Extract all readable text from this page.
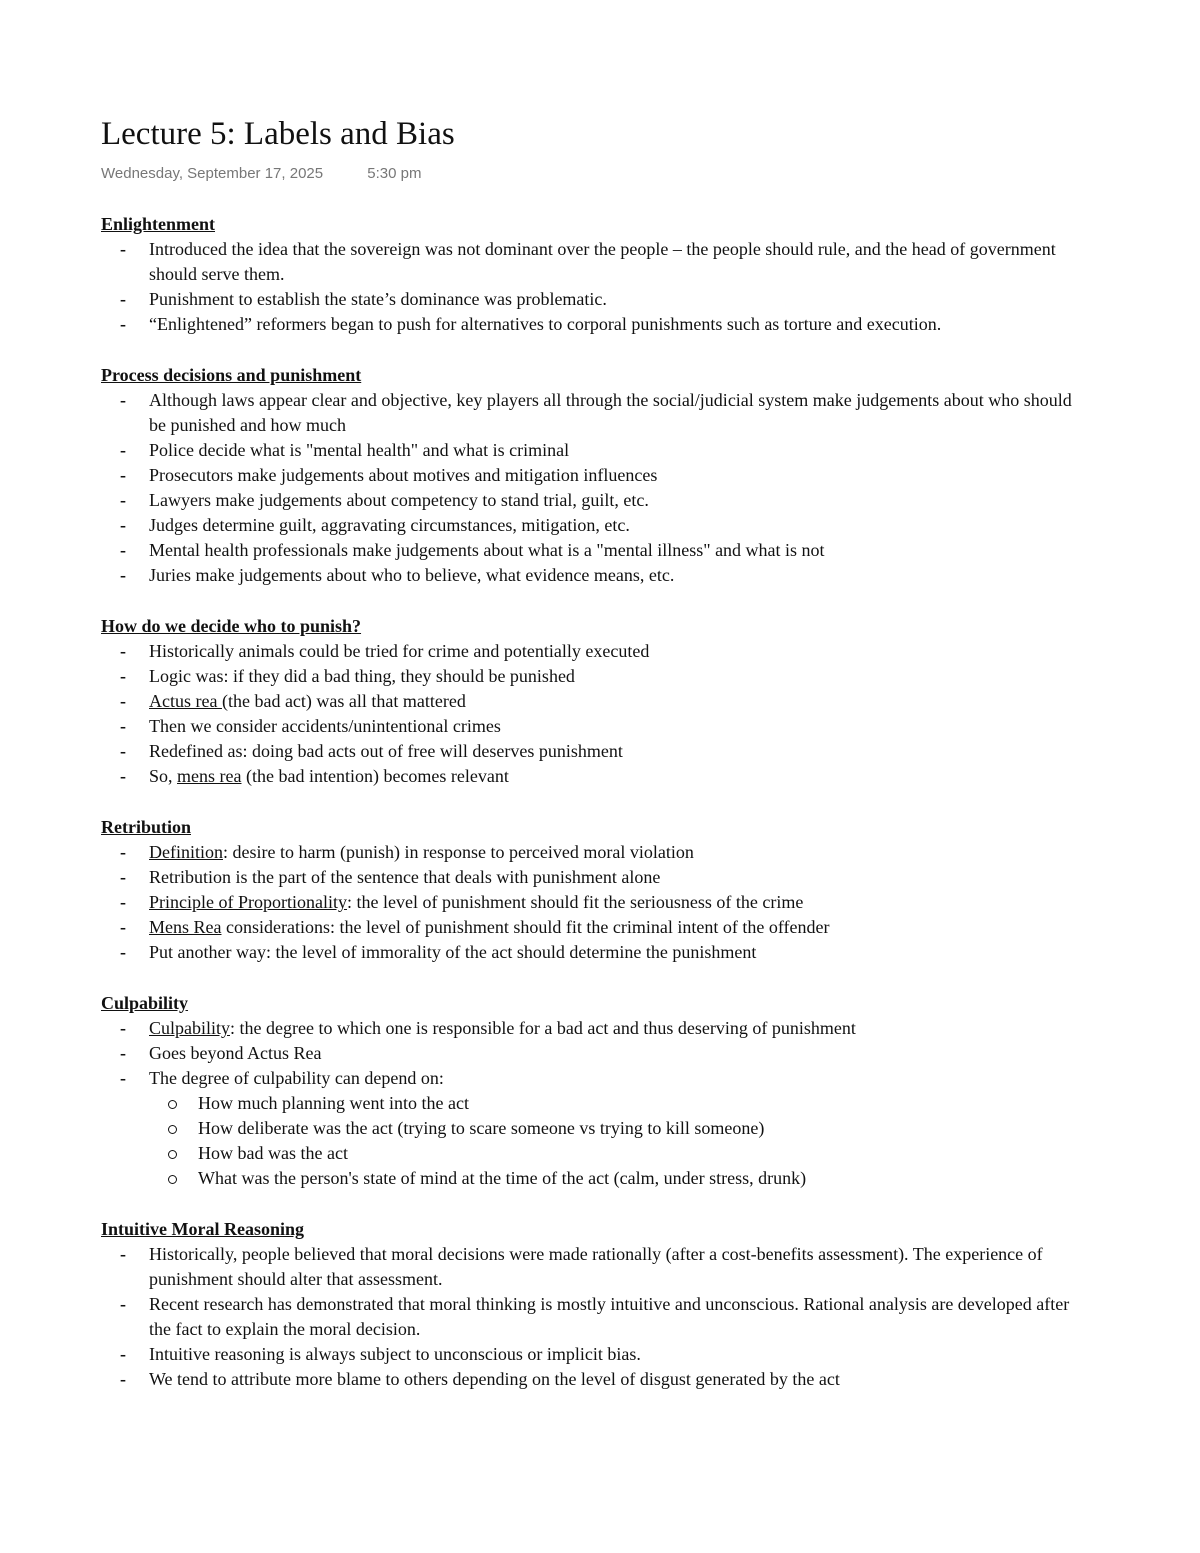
Lecture 5: Labels and Bias
Wednesday, September 17, 2025	5:30 pm
Enlightenment
- Introduced the idea that the sovereign was not dominant over the people – the people should rule, and the head of government should serve them.
- Punishment to establish the state’s dominance was problematic.
- “Enlightened” reformers began to push for alternatives to corporal punishments such as torture and execution.
Process decisions and punishment
- Although laws appear clear and objective, key players all through the social/judicial system make judgements about who should be punished and how much
- Police decide what is "mental health" and what is criminal
- Prosecutors make judgements about motives and mitigation influences
- Lawyers make judgements about competency to stand trial, guilt, etc.
- Judges determine guilt, aggravating circumstances, mitigation, etc.
- Mental health professionals make judgements about what is a "mental illness" and what is not
- Juries make judgements about who to believe, what evidence means, etc.
How do we decide who to punish?
- Historically animals could be tried for crime and potentially executed
- Logic was: if they did a bad thing, they should be punished
- Actus rea (the bad act) was all that mattered
- Then we consider accidents/unintentional crimes
- Redefined as: doing bad acts out of free will deserves punishment
- So, mens rea (the bad intention) becomes relevant
Retribution
- Definition: desire to harm (punish) in response to perceived moral violation
- Retribution is the part of the sentence that deals with punishment alone
- Principle of Proportionality: the level of punishment should fit the seriousness of the crime
- Mens Rea considerations: the level of punishment should fit the criminal intent of the offender
- Put another way: the level of immorality of the act should determine the punishment
Culpability
- Culpability: the degree to which one is responsible for a bad act and thus deserving of punishment
- Goes beyond Actus Rea
- The degree of culpability can depend on:
How much planning went into the act
How deliberate was the act (trying to scare someone vs trying to kill someone)
How bad was the act
What was the person's state of mind at the time of the act (calm, under stress, drunk)
Intuitive Moral Reasoning
- Historically, people believed that moral decisions were made rationally (after a cost-benefits assessment). The experience of punishment should alter that assessment.
- Recent research has demonstrated that moral thinking is mostly intuitive and unconscious. Rational analysis are developed after the fact to explain the moral decision.
- Intuitive reasoning is always subject to unconscious or implicit bias.
- We tend to attribute more blame to others depending on the level of disgust generated by the act
